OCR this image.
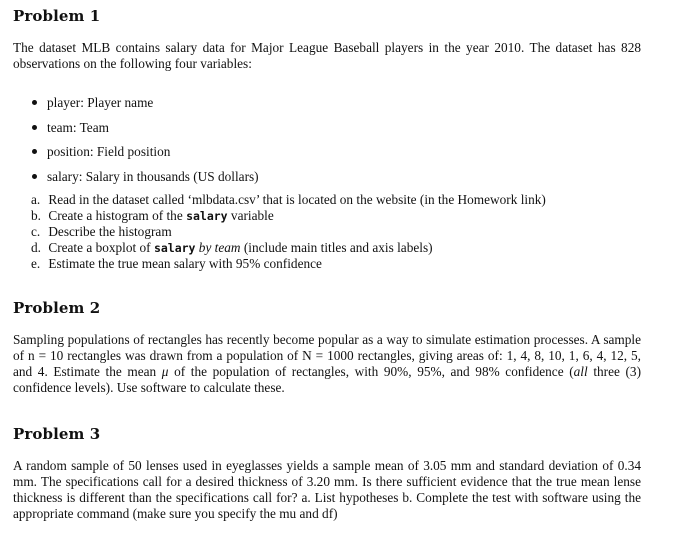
Problem 1

The dataset MLB contains salary data for Major League Baseball players in the year 2010. The dataset has 828 observations on the following four variables:

player: Player name
team: Team
position: Field position
salary: Salary in thousands (US dollars)
a. Read in the dataset called ‘mlbdata.csv’ that is located on the website (in the Homework link)
b. Create a histogram of the salary variable
c. Describe the histogram
d. Create a boxplot of salary by team (include main titles and axis labels)
e. Estimate the true mean salary with 95% confidence
Problem 2

Sampling populations of rectangles has recently become popular as a way to simulate estimation processes. A sample of n = 10 rectangles was drawn from a population of N = 1000 rectangles, giving areas of: 1, 4, 8, 10, 1, 6, 4, 12, 5, and 4. Estimate the mean μ of the population of rectangles, with 90%, 95%, and 98% confidence (all three (3) confidence levels). Use software to calculate these.

Problem 3

A random sample of 50 lenses used in eyeglasses yields a sample mean of 3.05 mm and standard deviation of 0.34 mm. The specifications call for a desired thickness of 3.20 mm. Is there sufficient evidence that the true mean lense thickness is different than the specifications call for? a. List hypotheses b. Complete the test with software using the appropriate command (make sure you specify the mu and df)
